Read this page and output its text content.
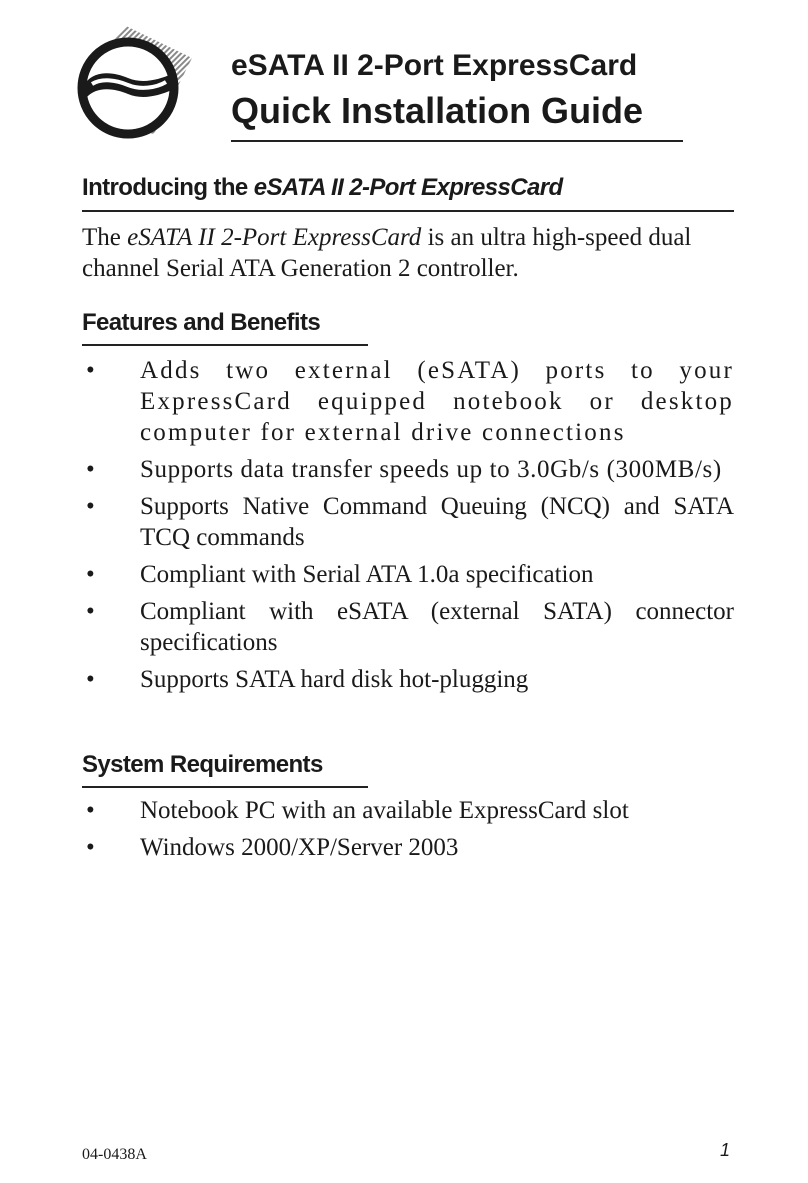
eSATA II 2-Port ExpressCard
Quick Installation Guide
Introducing the eSATA II 2-Port ExpressCard
The eSATA II 2-Port ExpressCard is an ultra high-speed dual channel Serial ATA Generation 2 controller.
Features and Benefits
• Adds two external (eSATA) ports to your ExpressCard equipped notebook or desktop computer for external drive connections
• Supports data transfer speeds up to 3.0Gb/s (300MB/s)
• Supports Native Command Queuing (NCQ) and SATA TCQ commands
• Compliant with Serial ATA 1.0a specification
• Compliant with eSATA (external SATA) connector specifications
• Supports SATA hard disk hot-plugging
System Requirements
• Notebook PC with an available ExpressCard slot
• Windows 2000/XP/Server 2003
04-0438A	1
